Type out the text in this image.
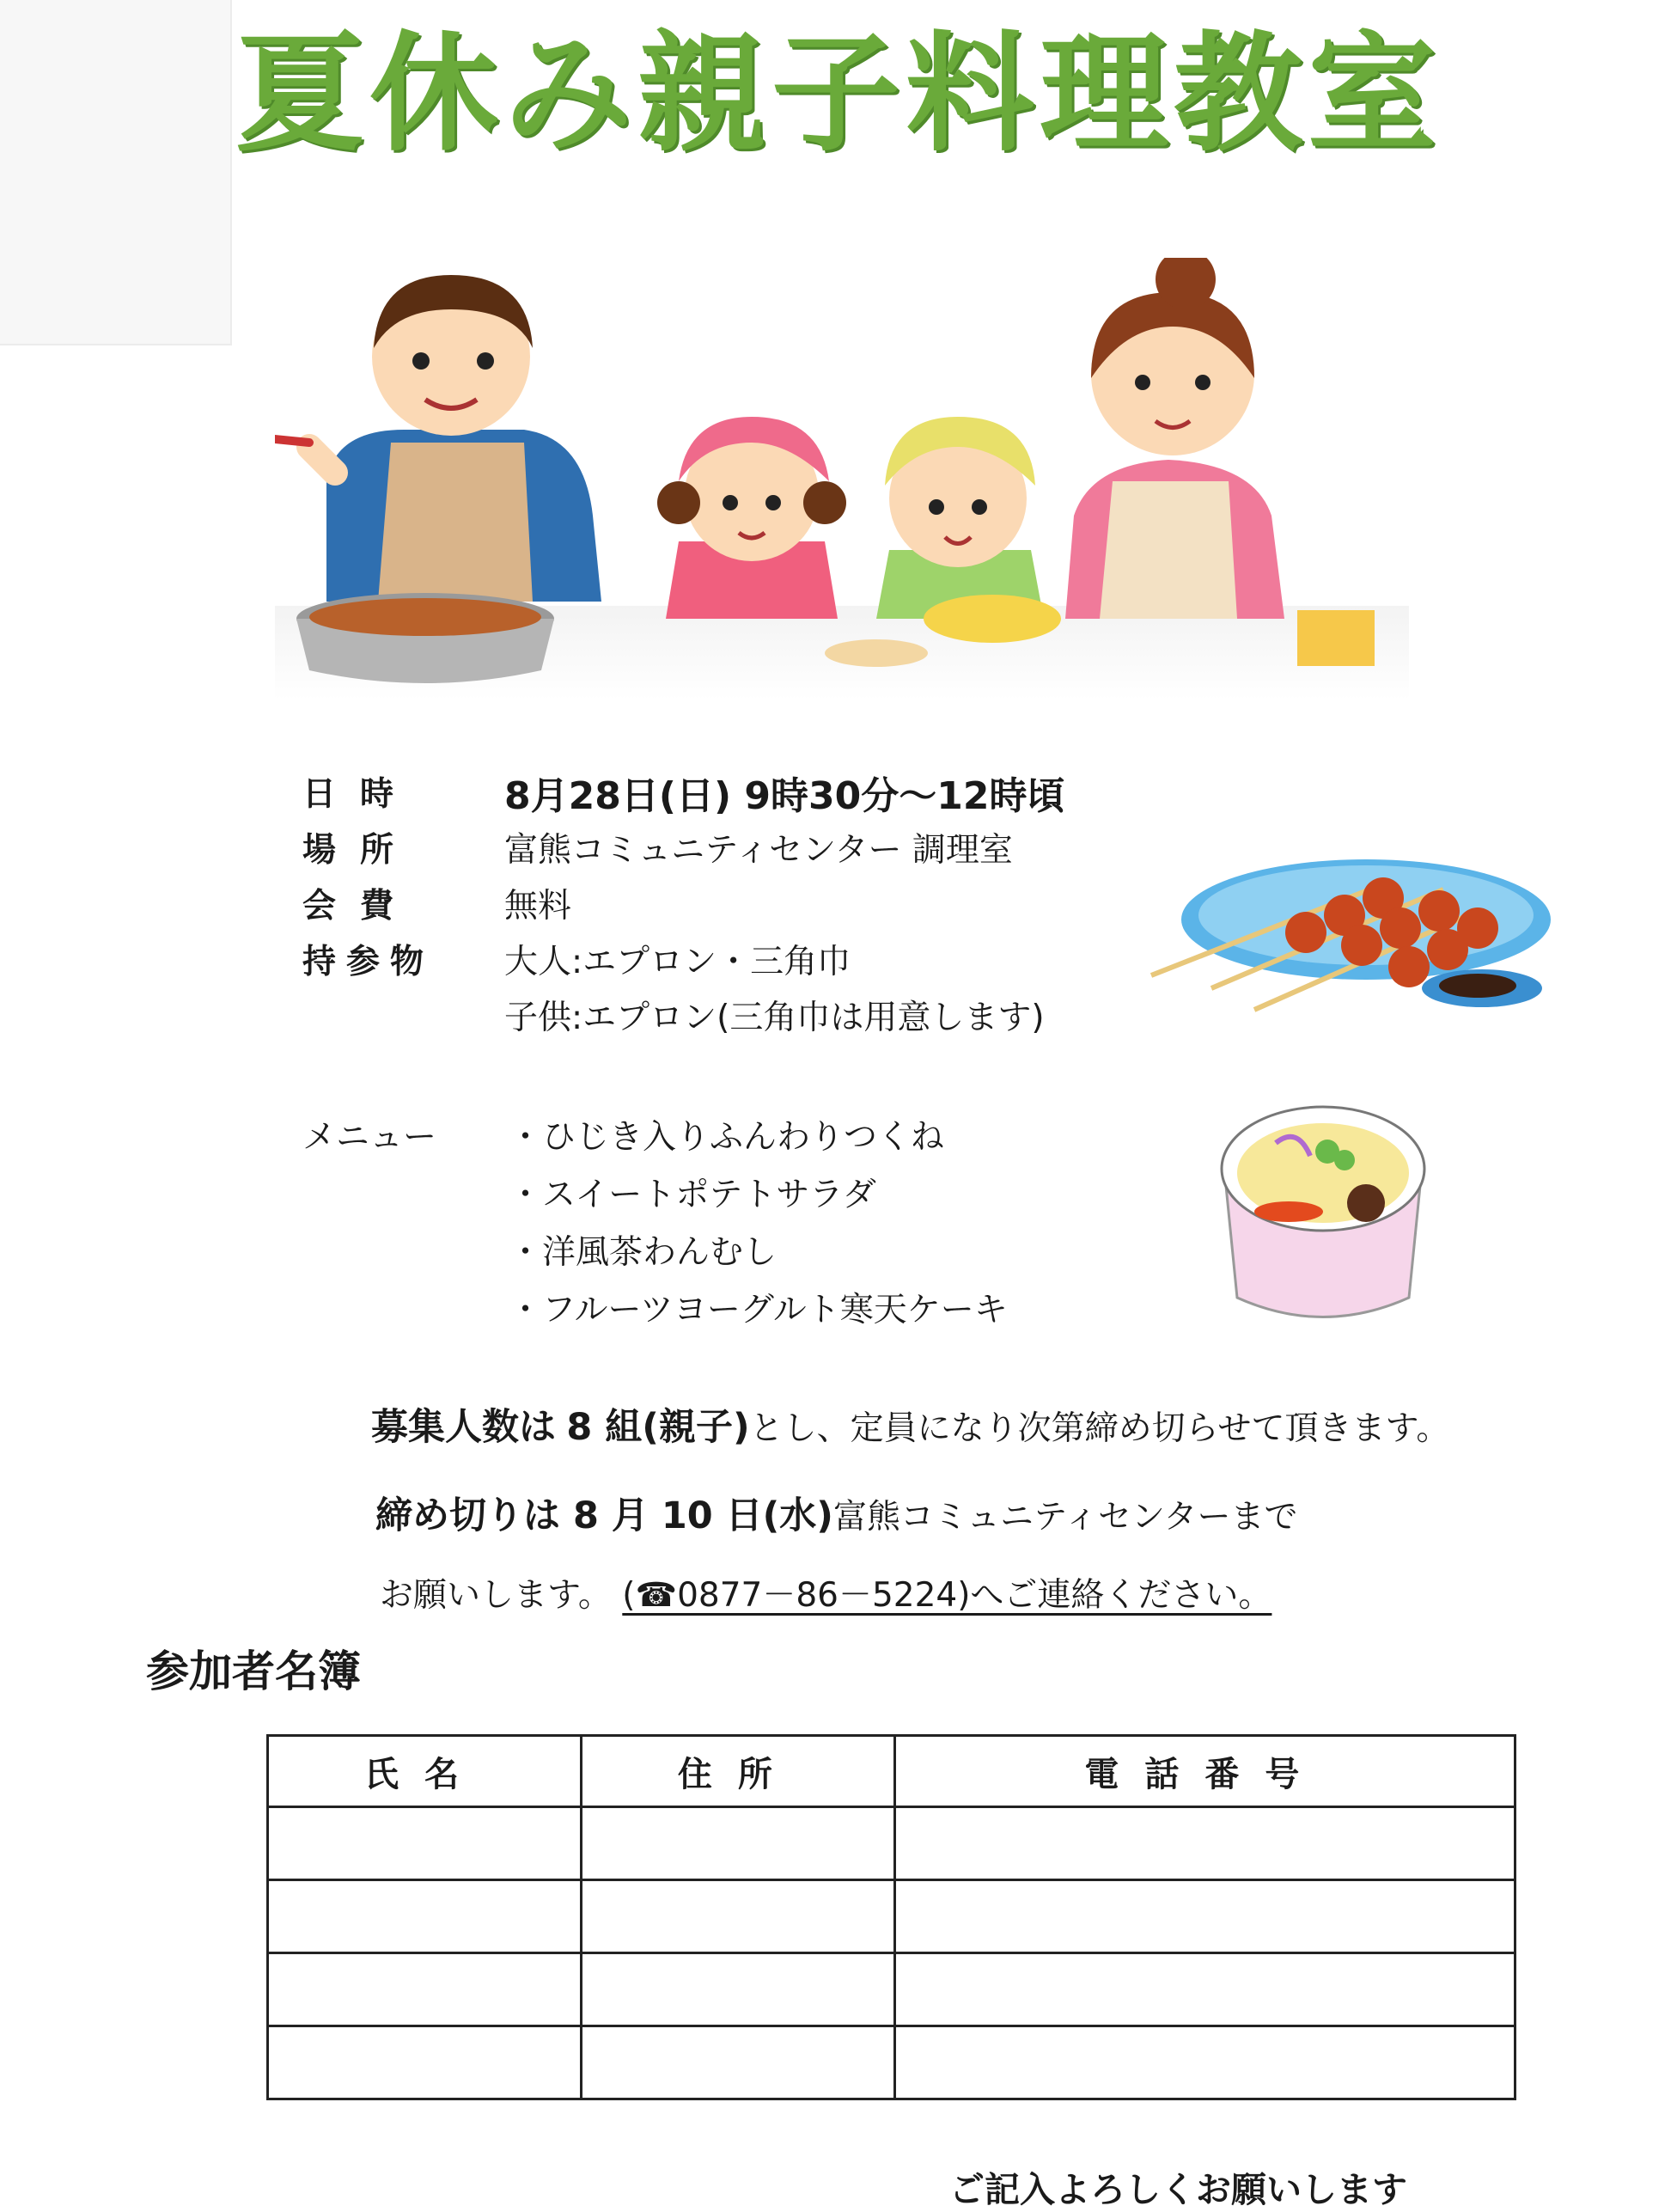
夏休み親子料理教室
日時	8月28日(日) 9時30分～12時頃
場所	富熊コミュニティセンター 調理室
会費	無料
持参物	大人:エプロン・三角巾
子供:エプロン(三角巾は用意します)
メニュー ・ひじき入りふんわりつくね
・スイートポテトサラダ
・洋風茶わんむし
・フルーツヨーグルト寒天ケーキ
募集人数は 8 組(親子)とし、定員になり次第締め切らせて頂きます。
締め切りは 8 月 10 日(水)富熊コミュニティセンターまで
お願いします。 (☎0877－86－5224)へご連絡ください。
参加者名簿
氏名	住所	電話番号

ご記入よろしくお願いします
